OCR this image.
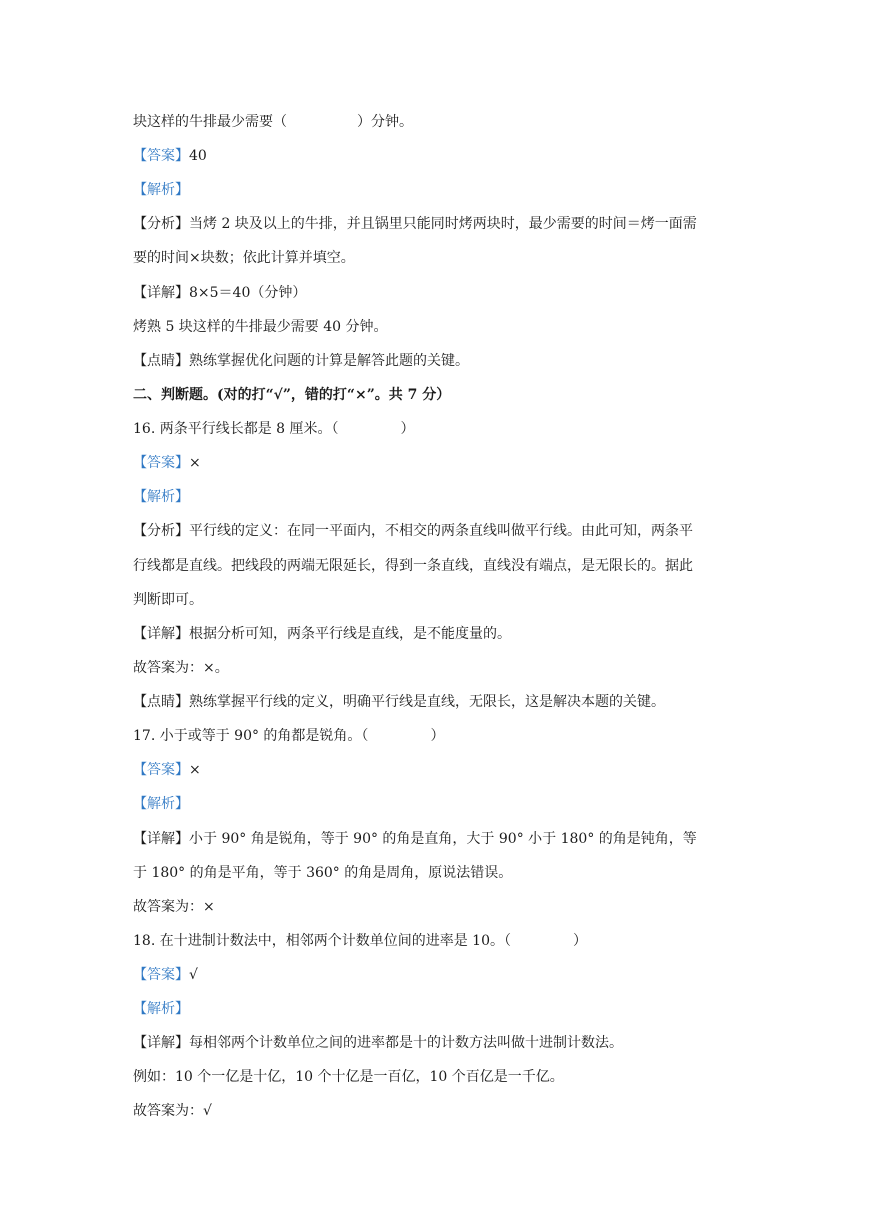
块这样的牛排最少需要（	）分钟。
【答案】40
【解析】
【分析】当烤 2 块及以上的牛排，并且锅里只能同时烤两块时，最少需要的时间＝烤一面需
要的时间×块数；依此计算并填空。
【详解】8×5＝40（分钟）
烤熟 5 块这样的牛排最少需要 40 分钟。
【点睛】熟练掌握优化问题的计算是解答此题的关键。
二、判断题。(对的打“√”，错的打“×”。共 7 分）
16. 两条平行线长都是 8 厘米。（	）
【答案】×
【解析】
【分析】平行线的定义：在同一平面内，不相交的两条直线叫做平行线。由此可知，两条平
行线都是直线。把线段的两端无限延长，得到一条直线，直线没有端点，是无限长的。据此
判断即可。
【详解】根据分析可知，两条平行线是直线，是不能度量的。
故答案为：×。
【点睛】熟练掌握平行线的定义，明确平行线是直线，无限长，这是解决本题的关键。
17. 小于或等于 90° 的角都是锐角。（	）
【答案】×
【解析】
【详解】小于 90° 角是锐角，等于 90° 的角是直角，大于 90° 小于 180° 的角是钝角，等
于 180° 的角是平角，等于 360° 的角是周角，原说法错误。
故答案为：×
18. 在十进制计数法中，相邻两个计数单位间的进率是 10。（	）
【答案】√
【解析】
【详解】每相邻两个计数单位之间的进率都是十的计数方法叫做十进制计数法。
例如：10 个一亿是十亿，10 个十亿是一百亿，10 个百亿是一千亿。
故答案为：√
